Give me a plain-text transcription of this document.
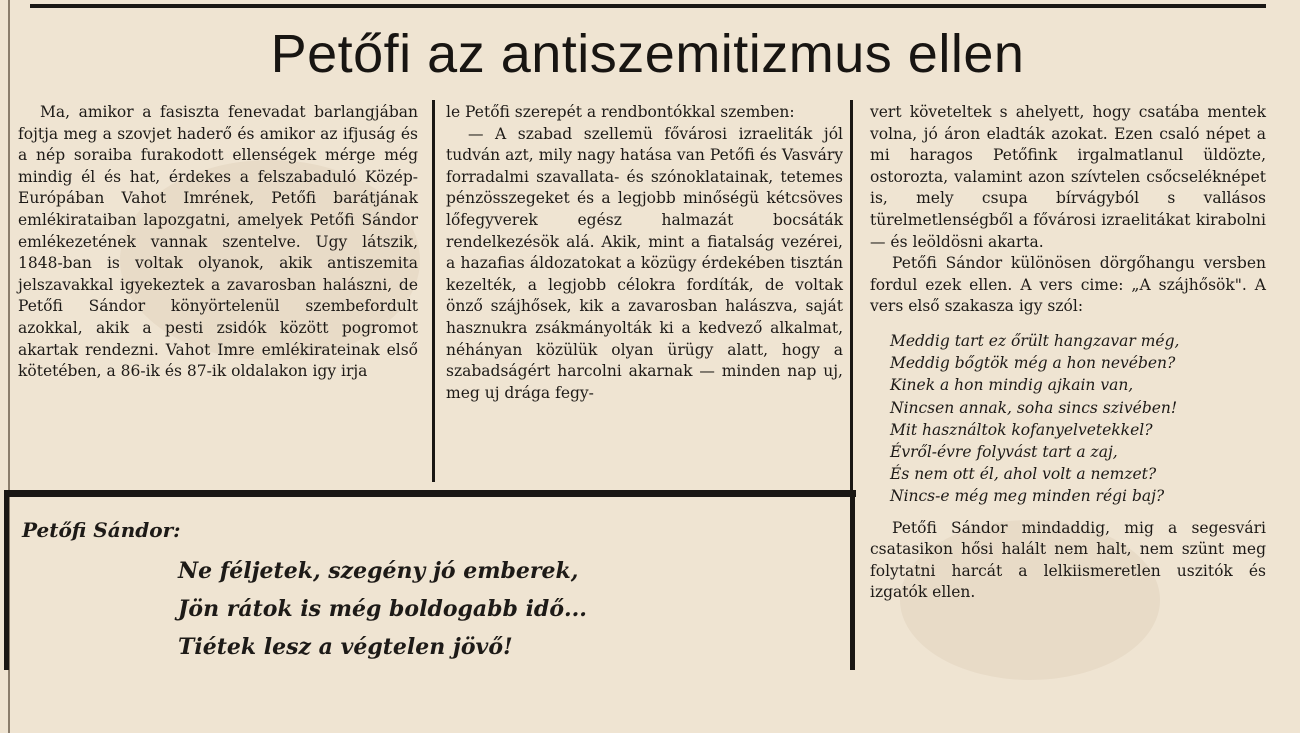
Petőfi az antiszemitizmus ellen

Ma, amikor a fasiszta fenevadat barlangjában fojtja meg a szovjet haderő és amikor az ifjuság és a nép soraiba furakodott ellenségek mérge még mindig él és hat, érdekes a felszabaduló Közép-Európában Vahot Imrének, Petőfi barátjának emlékirataiban lapozgatni, amelyek Petőfi Sándor emlékezetének vannak szentelve. Ugy látszik, 1848-ban is voltak olyanok, akik antiszemita jelszavakkal igyekeztek a zavarosban halászni, de Petőfi Sándor könyörtelenül szembefordult azokkal, akik a pesti zsidók között pogromot akartak rendezni. Vahot Imre emlékirateinak első kötetében, a 86-ik és 87-ik oldalakon igy irja

le Petőfi szerepét a rendbontókkal szemben:

— A szabad szellemü fővárosi izraeliták jól tudván azt, mily nagy hatása van Petőfi és Vasváry forradalmi szavallata- és szónoklatainak, tetemes pénzösszegeket és a legjobb minőségü kétcsöves lőfegyverek egész halmazát bocsáták rendelkezésök alá. Akik, mint a fiatalság vezérei, a hazafias áldozatokat a közügy érdekében tisztán kezelték, a legjobb célokra fordíták, de voltak önző szájhősek, kik a zavarosban halászva, saját hasznukra zsákmányolták ki a kedvező alkalmat, néhányan közülük olyan ürügy alatt, hogy a szabadságért harcolni akarnak — minden nap uj, meg uj drága fegy-

vert követeltek s ahelyett, hogy csatába mentek volna, jó áron eladták azokat. Ezen csaló népet a mi haragos Petőfink irgalmatlanul üldözte, ostorozta, valamint azon szívtelen csőcseléknépet is, mely csupa bírvágyból s vallásos türelmetlenségből a fővárosi izraelitákat kirabolni — és leöldösni akarta.

Petőfi Sándor különösen dörgőhangu versben fordul ezek ellen. A vers cime: „A szájhősök". A vers első szakasza igy szól:

Meddig tart ez őrült hangzavar még,
Meddig bőgtök még a hon nevében?
Kinek a hon mindig ajkain van,
Nincsen annak, soha sincs szivében!
Mit használtok kofanyelvetekkel?
Évről-évre folyvást tart a zaj,
És nem ott él, ahol volt a nemzet?
Nincs-e még meg minden régi baj?

Petőfi Sándor mindaddig, mig a segesvári csatasikon hősi halált nem halt, nem szünt meg folytatni harcát a lelkiismeretlen uszitók és izgatók ellen.

Petőfi Sándor:
Ne féljetek, szegény jó emberek,
Jön rátok is még boldogabb idő...
Tiétek lesz a végtelen jövő!
